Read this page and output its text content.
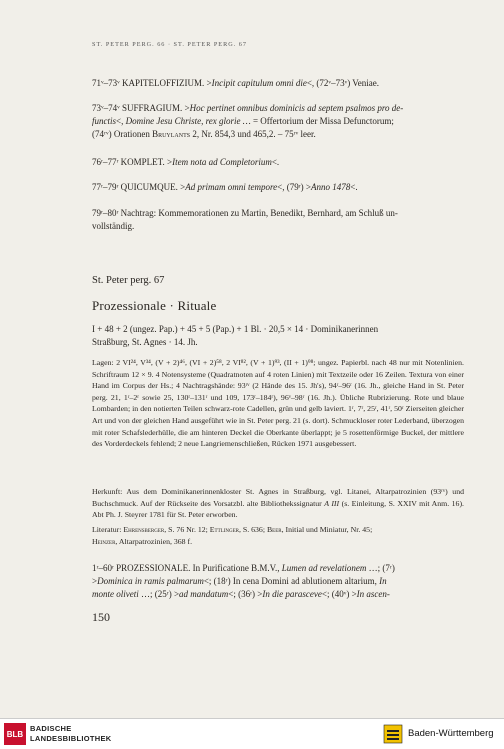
ST. PETER PERG. 66 · ST. PETER PERG. 67
71ᵛ–73ᵛ KAPITELOFFIZIUM. >Incipit capitulum omni die<, (72ᵛ–73ᵛ) Veniae.
73ᵛ–74ᵛ SUFFRAGIUM. >Hoc pertinet omnibus dominicis ad septem psalmos pro de-
functis<, Domine Jesu Christe, rex glorie … = Offertorium der Missa Defunctorum;
(74ʳᵛ) Orationen Bruylants 2, Nr. 854,3 und 465,2. – 75ʳᵛ leer.
76ʳ–77ʳ KOMPLET. >Item nota ad Completorium<.
77ʳ–79ʳ QUICUMQUE. >Ad primam omni tempore<, (79ʳ) >Anno 1478<.
79ʳ–80ʳ Nachtrag: Kommemorationen zu Martin, Benedikt, Bernhard, am Schluß un-
vollständig.
St. Peter perg. 67
Prozessionale · Rituale
I + 48 + 2 (ungez. Pap.) + 45 + 5 (Pap.) + 1 Bl. · 20,5 × 14 · Dominikanerinnen
Straßburg, St. Agnes · 14. Jh.
Lagen: 2 VI²⁴, V³⁴, (V + 2)⁴⁶, (VI + 2)⁵⁸, 2 VI⁸², (V + 1)⁹³, (II + 1)⁹⁸; ungez. Papierbl. nach 48 nur mit Notenlinien. Schriftraum 12 × 9. 4 Notensysteme (Quadratnoten auf 4 roten Linien) mit Textzeile oder 16 Zeilen. Textura von einer Hand im Corpus der Hs.; 4 Nachtragshände: 93ʳᵛ (2 Hände des 15. Jh's), 94ʳ–96ʳ (16. Jh., gleiche Hand in St. Peter perg. 21, 1ʳ–2ʳ sowie 25, 130ʳ–131ʳ und 109, 173ʳ–184ʳ), 96ᵛ–98ʳ (16. Jh.). Übliche Rubrizierung. Rote und blaue Lombarden; in den notierten Teilen schwarz-rote Cadellen, grün und gelb laviert. 1ʳ, 7ʳ, 25ʳ, 41ʳ, 50ʳ Zierseiten gleicher Art und von der gleichen Hand ausgeführt wie in St. Peter perg. 21 (s. dort). Schmuckloser roter Lederband, überzogen mit roter Schafslederhülle, die am hinteren Deckel die Oberkante überlappt; je 5 rosettenförmige Buckel, der mittlere des Vorderdeckels fehlend; 2 neue Langriemenschließen, Rücken 1971 ausgebessert.
Herkunft: Aus dem Dominikanerinnenkloster St. Agnes in Straßburg, vgl. Litanei, Altarpatrozinien (93ʳᵛ) und Buchschmuck. Auf der Rückseite des Vorsatzbl. alte Bibliothekssignatur A III (s. Einleitung, S. XXIV mit Anm. 16). Abt Ph. J. Steyrer 1781 für St. Peter erworben.
Literatur: Ehrensberger, S. 76 Nr. 12; Ettlinger, S. 636; Beer, Initial und Miniatur, Nr. 45;
Heinzer, Altarpatrozinien, 368 f.
1ʳ–60ʳ PROZESSIONALE. In Purificatione B.M.V., Lumen ad revelationem …; (7ʳ)
>Dominica in ramis palmarum<; (18ʳ) In cena Domini ad ablutionem altarium, In
monte oliveti …; (25ʳ) >ad mandatum<; (36ʳ) >In die parasceve<; (40ᵛ) >In ascen-
150
BLB
BADISCHE
LANDESBIBLIOTHEK	Baden-Württemberg
